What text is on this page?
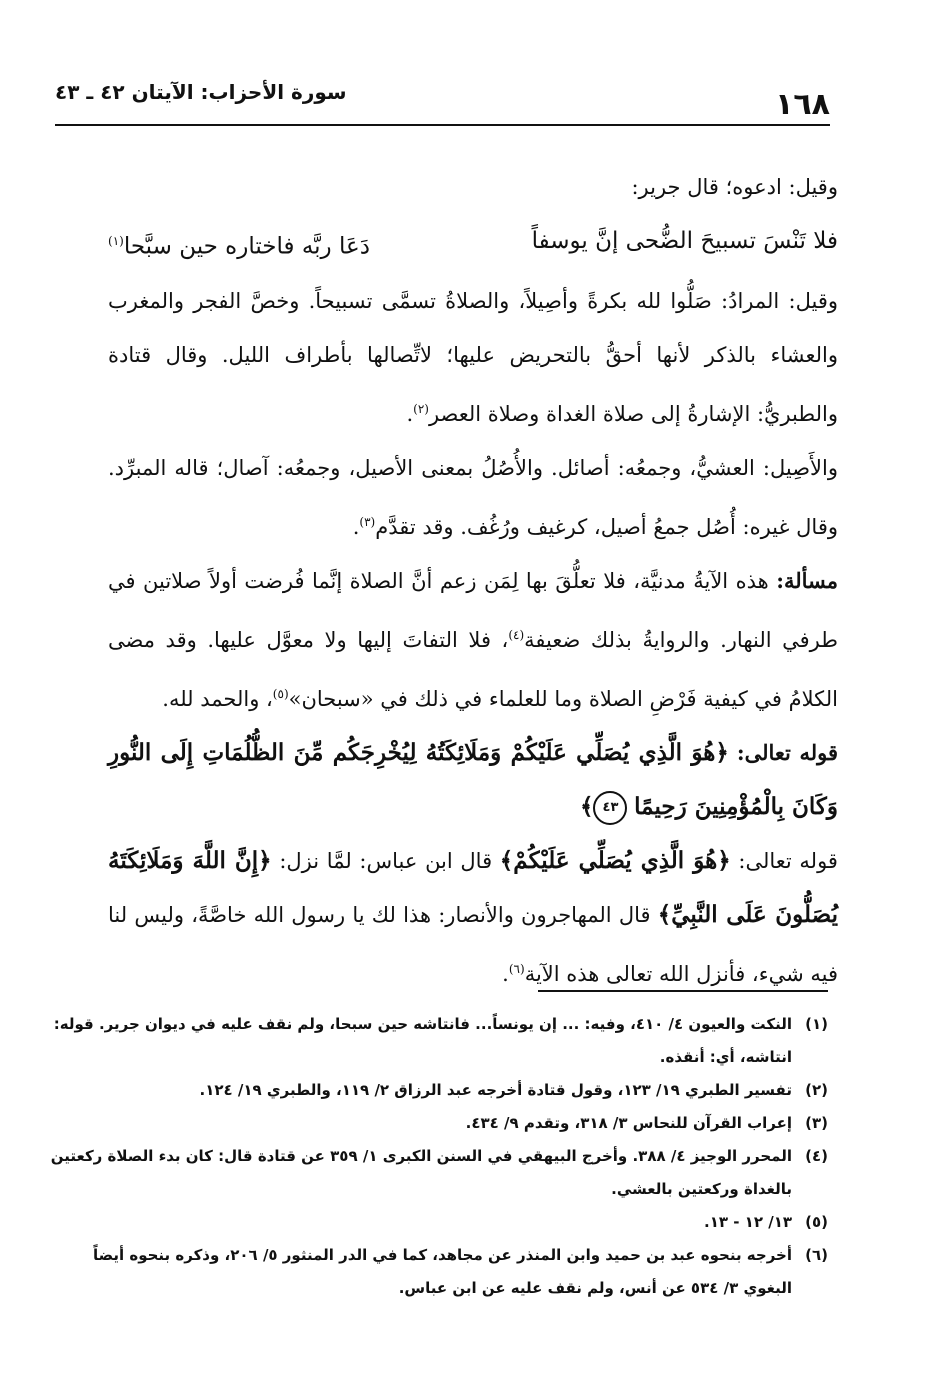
١٦٨
سورة الأحزاب: الآيتان ٤٢ ـ ٤٣

وقيل: ادعوه؛ قال جرير:

فلا تَنْسَ تسبيحَ الضُّحى إنَّ يوسفاً
دَعَا ربَّه فاختاره حين سبَّحا$^{(١)}$

وقيل: المرادُ: صَلُّوا لله بكرةً وأصِيلاً، والصلاةُ تسمَّى تسبيحاً. وخصَّ الفجر والمغرب والعشاء بالذكر لأنها أحقُّ بالتحريض عليها؛ لاتِّصالها بأطراف الليل. وقال قتادة والطبريُّ: الإشارةُ إلى صلاة الغداة وصلاة العصر$^{(٢)}$.

والأَصِيل: العشيُّ، وجمعُه: أصائل. والأُصُلُ بمعنى الأصيل، وجمعُه: آصال؛ قاله المبرِّد. وقال غيره: أُصُل جمعُ أصيل، كرغيف ورُغُف. وقد تقدَّم$^{(٣)}$.

مسألة: هذه الآيةُ مدنيَّة، فلا تعلُّقَ بها لِمَن زعم أنَّ الصلاة إنَّما فُرضت أولاً صلاتين في طرفي النهار. والروايةُ بذلك ضعيفة$^{(٤)}$، فلا التفاتَ إليها ولا معوَّل عليها. وقد مضى الكلامُ في كيفية فَرْضِ الصلاة وما للعلماء في ذلك في «سبحان»$^{(٥)}$، والحمد لله.

قوله تعالى: ﴿هُوَ الَّذِي يُصَلِّي عَلَيْكُمْ وَمَلَائِكَتُهُ لِيُخْرِجَكُم مِّنَ الظُّلُمَاتِ إِلَى النُّورِ وَكَانَ بِالْمُؤْمِنِينَ رَحِيمًا ٤٣﴾

قوله تعالى: ﴿هُوَ الَّذِي يُصَلِّي عَلَيْكُمْ﴾ قال ابن عباس: لمَّا نزل: ﴿إِنَّ اللَّهَ وَمَلَائِكَتَهُ يُصَلُّونَ عَلَى النَّبِيِّ﴾ قال المهاجرون والأنصار: هذا لك يا رسول الله خاصَّةً، وليس لنا فيه شيء، فأنزل الله تعالى هذه الآية$^{(٦)}$.

(١)النكت والعيون ٤/ ٤١٠، وفيه: ... إن يونساً... فانتاشه حين سبحا، ولم نقف عليه في ديوان جرير. قوله: انتاشه، أي: أنقذه.

(٢)تفسير الطبري ١٩/ ١٢٣، وقول قتادة أخرجه عبد الرزاق ٢/ ١١٩، والطبري ١٩/ ١٢٤.

(٣)إعراب القرآن للنحاس ٣/ ٣١٨، وتقدم ٩/ ٤٣٤.

(٤)المحرر الوجيز ٤/ ٣٨٨. وأخرج البيهقي في السنن الكبرى ١/ ٣٥٩ عن قتادة قال: كان بدء الصلاة ركعتين بالغداة وركعتين بالعشي.

(٥)١٣/ ١٢ - ١٣.

(٦)أخرجه بنحوه عبد بن حميد وابن المنذر عن مجاهد، كما في الدر المنثور ٥/ ٢٠٦، وذكره بنحوه أيضاً البغوي ٣/ ٥٣٤ عن أنس، ولم نقف عليه عن ابن عباس.
